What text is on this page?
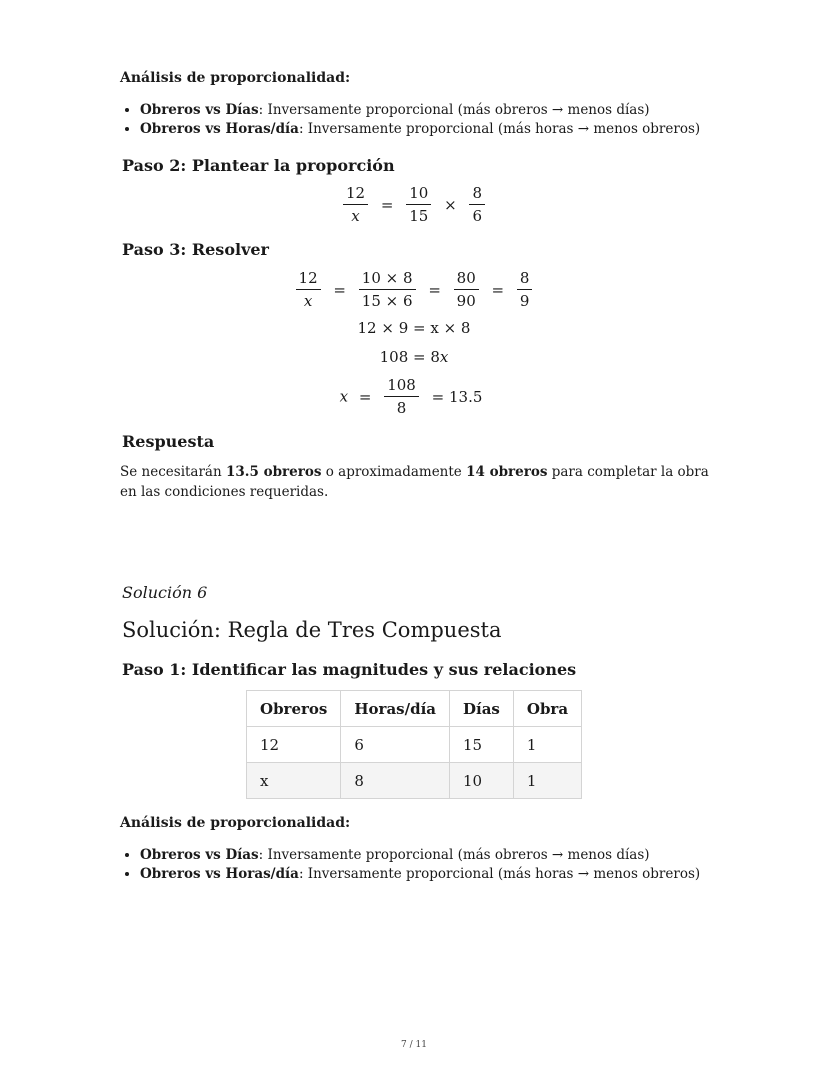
Análisis de proporcionalidad:
• Obreros vs Días: Inversamente proporcional (más obreros → menos días)
• Obreros vs Horas/día: Inversamente proporcional (más horas → menos obreros)
Paso 2: Plantear la proporción
$\frac{12}{x} = \frac{10}{15} \times \frac{8}{6}$
Paso 3: Resolver
$\frac{12}{x} = \frac{10 \times 8}{15 \times 6} = \frac{80}{90} = \frac{8}{9}$
12 × 9 = x × 8
108 = 8x
$x = \frac{108}{8} = 13.5$
Respuesta
Se necesitarán 13.5 obreros o aproximadamente 14 obreros para completar la obra en las condiciones requeridas.
Solución 6
Solución: Regla de Tres Compuesta
Paso 1: Identificar las magnitudes y sus relaciones
Obreros	Horas/día	Días	Obra
12	6	15	1
x	8	10	1
Análisis de proporcionalidad:
• Obreros vs Días: Inversamente proporcional (más obreros → menos días)
• Obreros vs Horas/día: Inversamente proporcional (más horas → menos obreros)
7 / 11
